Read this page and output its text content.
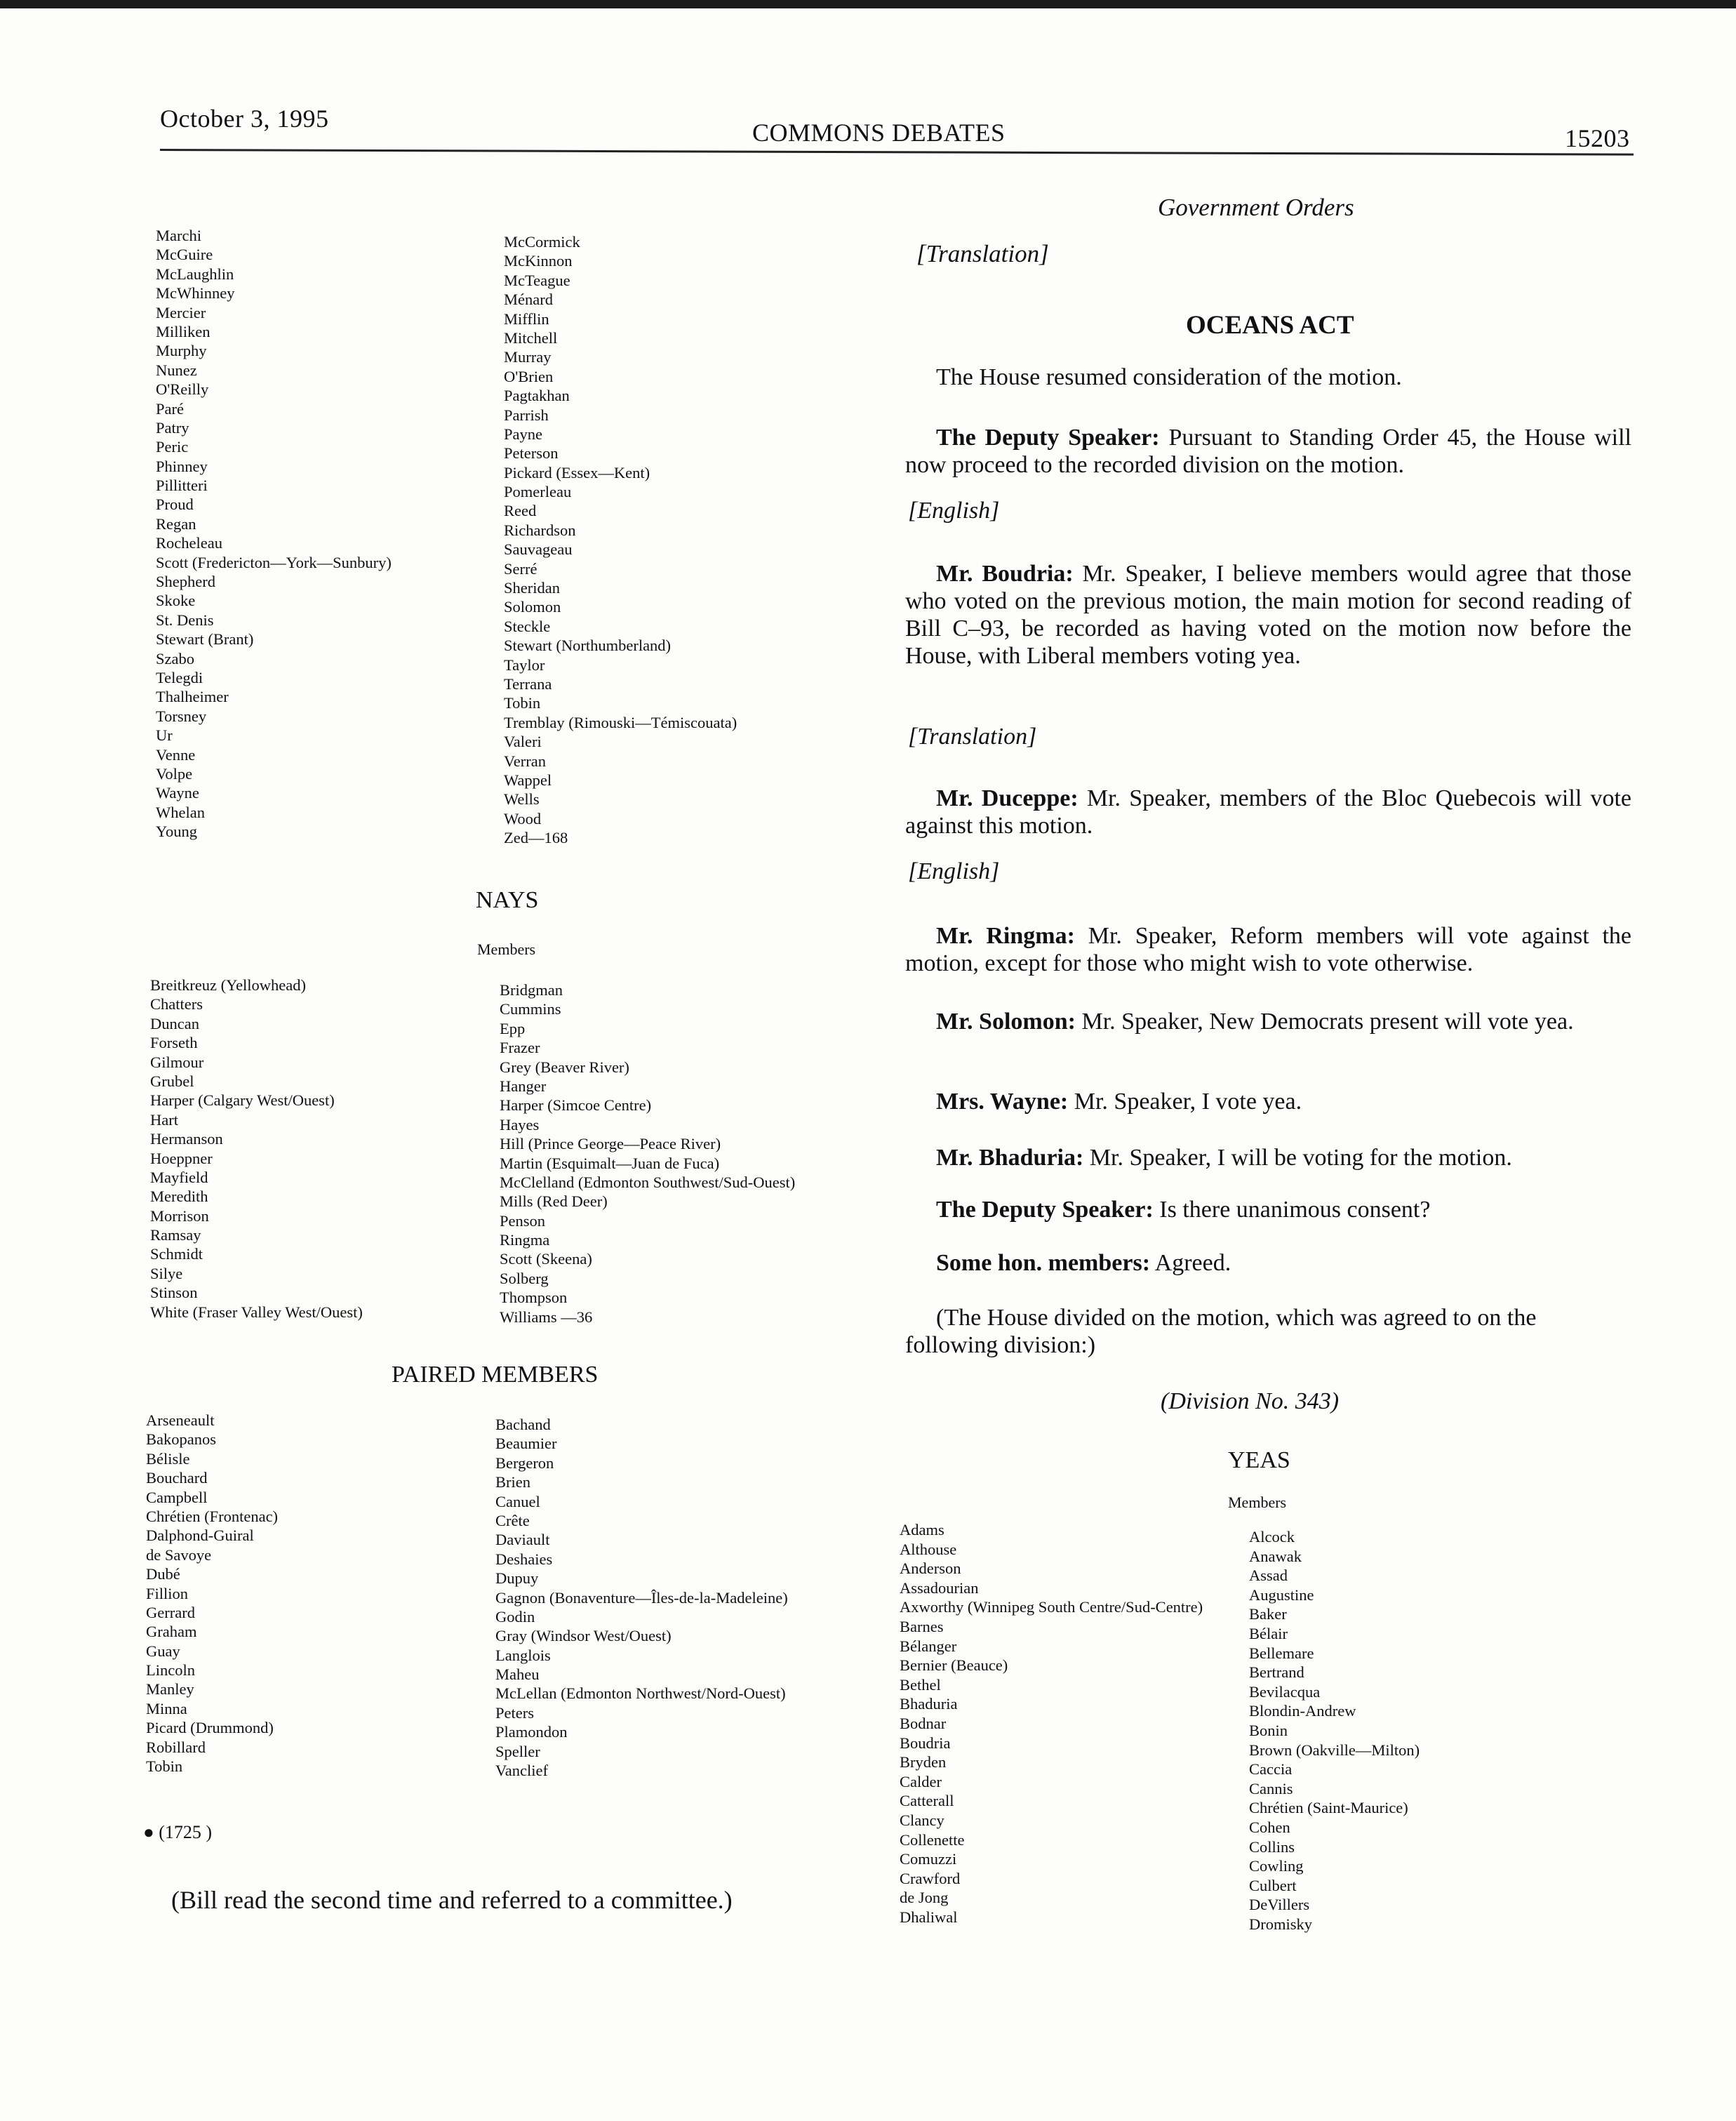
October 3, 1995	COMMONS DEBATES	15203
Marchi
McGuire
McLaughlin
McWhinney
Mercier
Milliken
Murphy
Nunez
O'Reilly
Paré
Patry
Peric
Phinney
Pillitteri
Proud
Regan
Rocheleau
Scott (Fredericton—York—Sunbury)
Shepherd
Skoke
St. Denis
Stewart (Brant)
Szabo
Telegdi
Thalheimer
Torsney
Ur
Venne
Volpe
Wayne
Whelan
Young
McCormick
McKinnon
McTeague
Ménard
Mifflin
Mitchell
Murray
O'Brien
Pagtakhan
Parrish
Payne
Peterson
Pickard (Essex—Kent)
Pomerleau
Reed
Richardson
Sauvageau
Serré
Sheridan
Solomon
Steckle
Stewart (Northumberland)
Taylor
Terrana
Tobin
Tremblay (Rimouski—Témiscouata)
Valeri
Verran
Wappel
Wells
Wood
Zed—168
NAYS
Members
Breitkreuz (Yellowhead)
Chatters
Duncan
Forseth
Gilmour
Grubel
Harper (Calgary West/Ouest)
Hart
Hermanson
Hoeppner
Mayfield
Meredith
Morrison
Ramsay
Schmidt
Silye
Stinson
White (Fraser Valley West/Ouest)
Bridgman
Cummins
Epp
Frazer
Grey (Beaver River)
Hanger
Harper (Simcoe Centre)
Hayes
Hill (Prince George—Peace River)
Martin (Esquimalt—Juan de Fuca)
McClelland (Edmonton Southwest/Sud-Ouest)
Mills (Red Deer)
Penson
Ringma
Scott (Skeena)
Solberg
Thompson
Williams —36
PAIRED MEMBERS
Arseneault
Bakopanos
Bélisle
Bouchard
Campbell
Chrétien (Frontenac)
Dalphond-Guiral
de Savoye
Dubé
Fillion
Gerrard
Graham
Guay
Lincoln
Manley
Minna
Picard (Drummond)
Robillard
Tobin
Bachand
Beaumier
Bergeron
Brien
Canuel
Crête
Daviault
Deshaies
Dupuy
Gagnon (Bonaventure—Îles-de-la-Madeleine)
Godin
Gray (Windsor West/Ouest)
Langlois
Maheu
McLellan (Edmonton Northwest/Nord-Ouest)
Peters
Plamondon
Speller
Vanclief
● (1725 )
(Bill read the second time and referred to a committee.)
Government Orders
[Translation]
OCEANS ACT
The House resumed consideration of the motion.
The Deputy Speaker: Pursuant to Standing Order 45, the House will now proceed to the recorded division on the motion.
[English]
Mr. Boudria: Mr. Speaker, I believe members would agree that those who voted on the previous motion, the main motion for second reading of Bill C–93, be recorded as having voted on the motion now before the House, with Liberal members voting yea.
[Translation]
Mr. Duceppe: Mr. Speaker, members of the Bloc Quebecois will vote against this motion.
[English]
Mr. Ringma: Mr. Speaker, Reform members will vote against the motion, except for those who might wish to vote otherwise.
Mr. Solomon: Mr. Speaker, New Democrats present will vote yea.
Mrs. Wayne: Mr. Speaker, I vote yea.
Mr. Bhaduria: Mr. Speaker, I will be voting for the motion.
The Deputy Speaker: Is there unanimous consent?
Some hon. members: Agreed.
(The House divided on the motion, which was agreed to on the following division:)
(Division No. 343)
YEAS
Members
Adams
Althouse
Anderson
Assadourian
Axworthy (Winnipeg South Centre/Sud-Centre)
Barnes
Bélanger
Bernier (Beauce)
Bethel
Bhaduria
Bodnar
Boudria
Bryden
Calder
Catterall
Clancy
Collenette
Comuzzi
Crawford
de Jong
Dhaliwal
Alcock
Anawak
Assad
Augustine
Baker
Bélair
Bellemare
Bertrand
Bevilacqua
Blondin-Andrew
Bonin
Brown (Oakville—Milton)
Caccia
Cannis
Chrétien (Saint-Maurice)
Cohen
Collins
Cowling
Culbert
DeVillers
Dromisky
